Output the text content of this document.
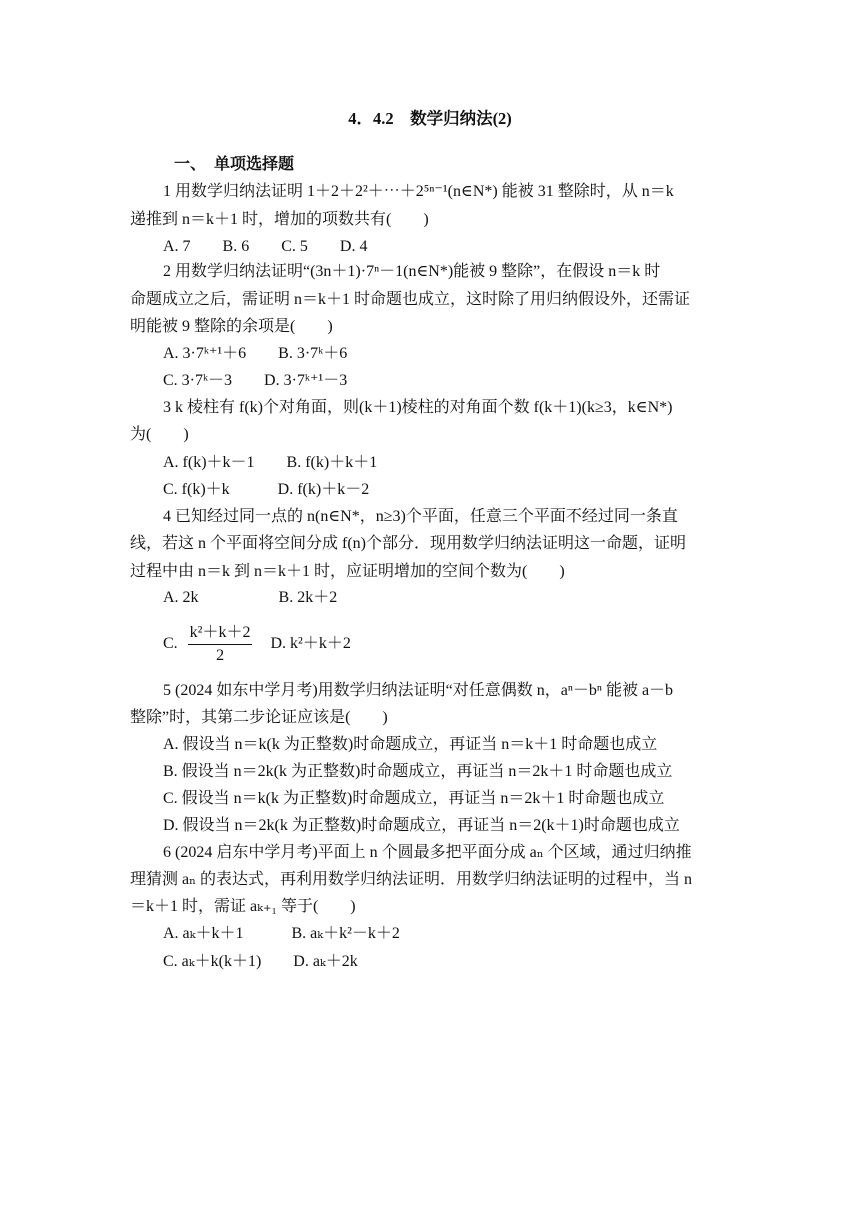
4．4.2　数学归纳法(2)
一、　单项选择题
1 用数学归纳法证明 1＋2＋2²＋⋯＋2⁵ⁿ⁻¹(n∈N*) 能被 31 整除时，从 n＝k
递推到 n＝k＋1 时，增加的项数共有(　　)
A. 7　　B. 6　　C. 5　　D. 4
2 用数学归纳法证明“(3n＋1)·7ⁿ－1(n∈N*)能被 9 整除”，在假设 n＝k 时
命题成立之后，需证明 n＝k＋1 时命题也成立，这时除了用归纳假设外，还需证
明能被 9 整除的余项是(　　)
A. 3·7ᵏ⁺¹＋6　　B. 3·7ᵏ＋6
C. 3·7ᵏ－3　　D. 3·7ᵏ⁺¹－3
3 k 棱柱有 f(k)个对角面，则(k＋1)棱柱的对角面个数 f(k＋1)(k≥3，k∈N*)
为(　　)
A. f(k)＋k－1　　B. f(k)＋k＋1
C. f(k)＋k　　　D. f(k)＋k－2
4 已知经过同一点的 n(n∈N*，n≥3)个平面，任意三个平面不经过同一条直
线，若这 n 个平面将空间分成 f(n)个部分．现用数学归纳法证明这一命题，证明
过程中由 n＝k 到 n＝k＋1 时，应证明增加的空间个数为(　　)
A. 2k　　　　　B. 2k＋2
C. $\frac{\text{k²＋k＋2}}{2} D$. k²＋k＋2
5 (2024 如东中学月考)用数学归纳法证明“对任意偶数 n，aⁿ－bⁿ 能被 a－b
整除”时，其第二步论证应该是(　　)
A. 假设当 n＝k(k 为正整数)时命题成立，再证当 n＝k＋1 时命题也成立
B. 假设当 n＝2k(k 为正整数)时命题成立，再证当 n＝2k＋1 时命题也成立
C. 假设当 n＝k(k 为正整数)时命题成立，再证当 n＝2k＋1 时命题也成立
D. 假设当 n＝2k(k 为正整数)时命题成立，再证当 n＝2(k＋1)时命题也成立
6 (2024 启东中学月考)平面上 n 个圆最多把平面分成 aₙ 个区域，通过归纳推
理猜测 aₙ 的表达式，再利用数学归纳法证明．用数学归纳法证明的过程中，当 n
＝k＋1 时，需证 aₖ₊₁ 等于(　　)
A. aₖ＋k＋1　　　B. aₖ＋k²－k＋2
C. aₖ＋k(k＋1)　　D. aₖ＋2k
